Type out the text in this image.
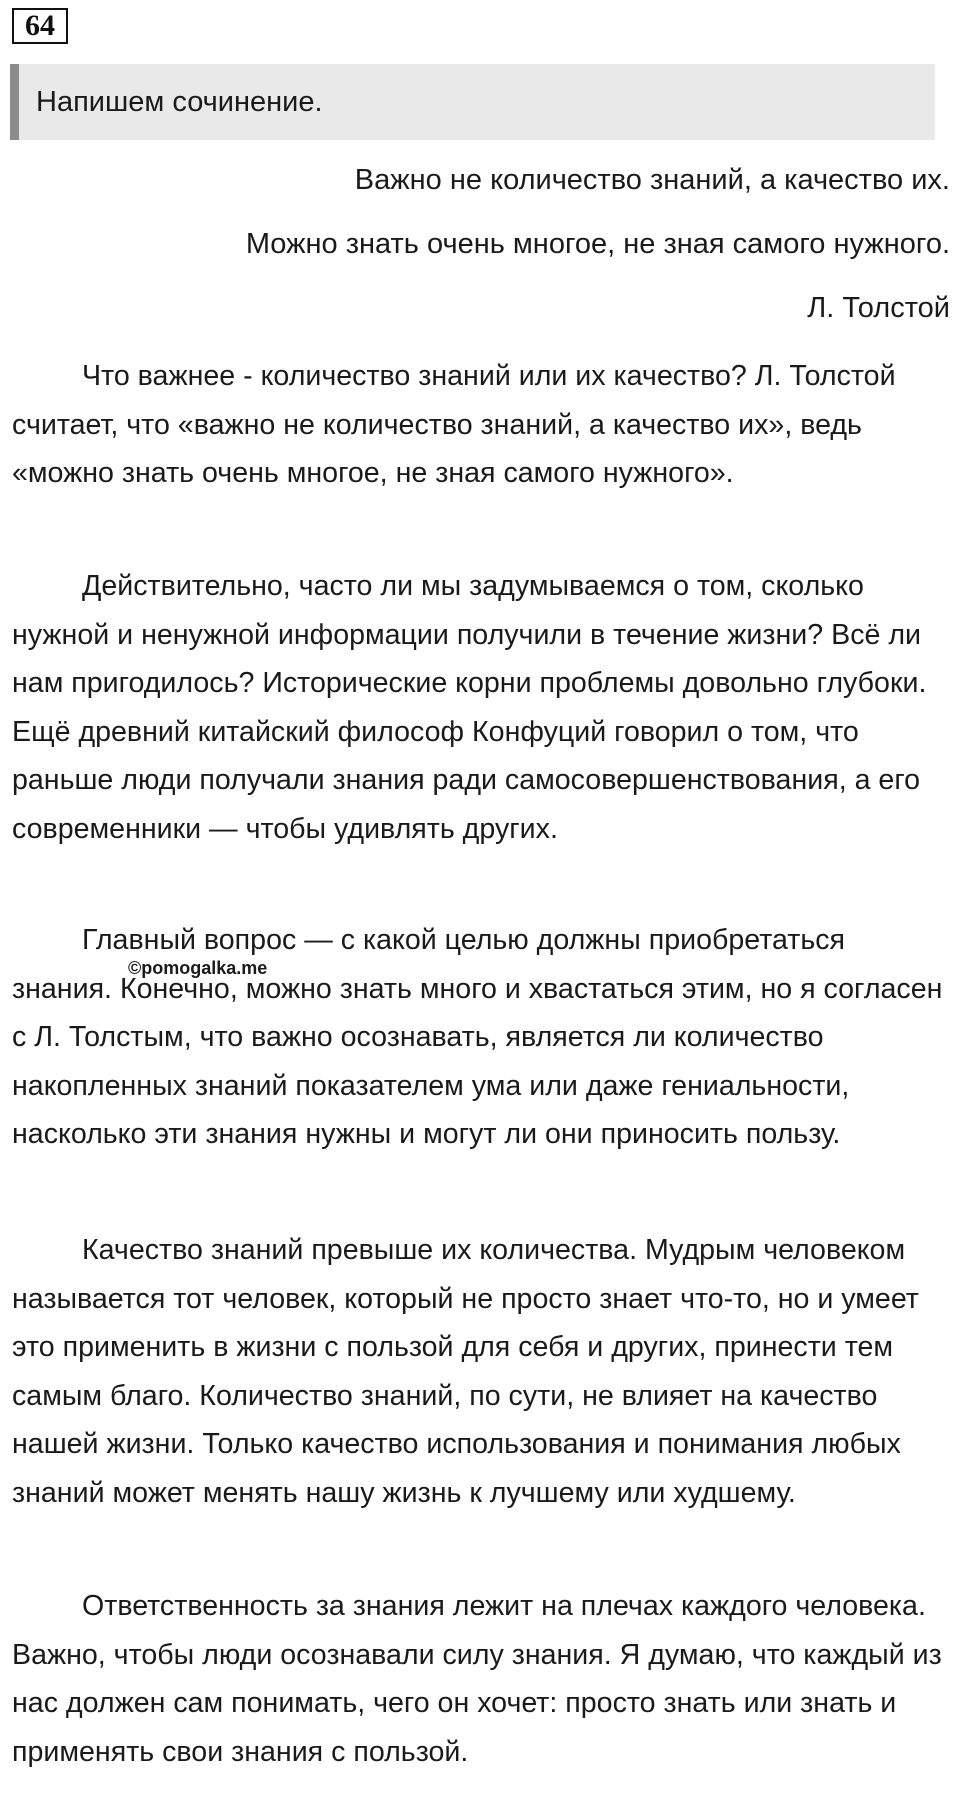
64
Напишем сочинение.
Важно не количество знаний, а качество их.
Можно знать очень многое, не зная самого нужного.
Л. Толстой

Что важнее - количество знаний или их качество? Л. Толстой считает, что «важно не количество знаний, а качество их», ведь «можно знать очень многое, не зная самого нужного».

Действительно, часто ли мы задумываемся о том, сколько нужной и ненужной информации получили в течение жизни? Всё ли нам пригодилось? Исторические корни проблемы довольно глубоки. Ещё древний китайский философ Конфуций говорил о том, что раньше люди получали знания ради самосовершенствования, а его современники — чтобы удивлять других.

Главный вопрос — с какой целью должны приобретаться знания. Конечно, можно знать много и хвастаться этим, но я согласен с Л. Толстым, что важно осознавать, является ли количество накопленных знаний показателем ума или даже гениальности, насколько эти знания нужны и могут ли они приносить пользу.

Качество знаний превыше их количества. Мудрым человеком называется тот человек, который не просто знает что-то, но и умеет это применить в жизни с пользой для себя и других, принести тем самым благо. Количество знаний, по сути, не влияет на качество нашей жизни. Только качество использования и понимания любых знаний может менять нашу жизнь к лучшему или худшему.

Ответственность за знания лежит на плечах каждого человека. Важно, чтобы люди осознавали силу знания. Я думаю, что каждый из нас должен сам понимать, чего он хочет: просто знать или знать и применять свои знания с пользой.

©pomogalka.me
